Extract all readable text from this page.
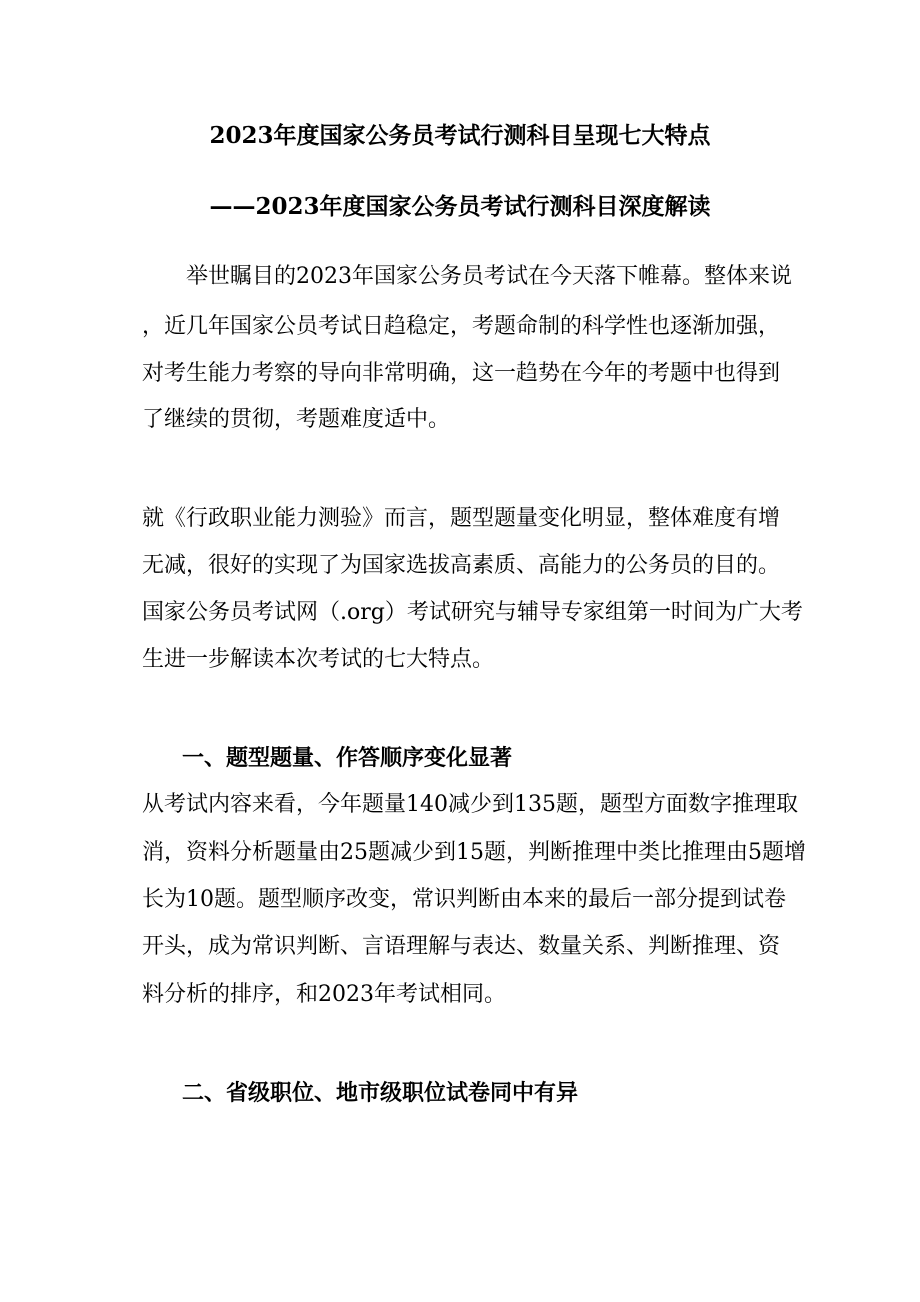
2023年度国家公务员考试行测科目呈现七大特点
——2023年度国家公务员考试行测科目深度解读

　　举世瞩目的2023年国家公务员考试在今天落下帷幕。整体来说

，近几年国家公员考试日趋稳定，考题命制的科学性也逐渐加强，

对考生能力考察的导向非常明确，这一趋势在今年的考题中也得到

了继续的贯彻，考题难度适中。

就《行政职业能力测验》而言，题型题量变化明显，整体难度有增

无减，很好的实现了为国家选拔高素质、高能力的公务员的目的。

国家公务员考试网（.org）考试研究与辅导专家组第一时间为广大考

生进一步解读本次考试的七大特点。

一、题型题量、作答顺序变化显著

从考试内容来看，今年题量140减少到135题，题型方面数字推理取

消，资料分析题量由25题减少到15题，判断推理中类比推理由5题增

长为10题。题型顺序改变，常识判断由本来的最后一部分提到试卷

开头，成为常识判断、言语理解与表达、数量关系、判断推理、资

料分析的排序，和2023年考试相同。

二、省级职位、地市级职位试卷同中有异
